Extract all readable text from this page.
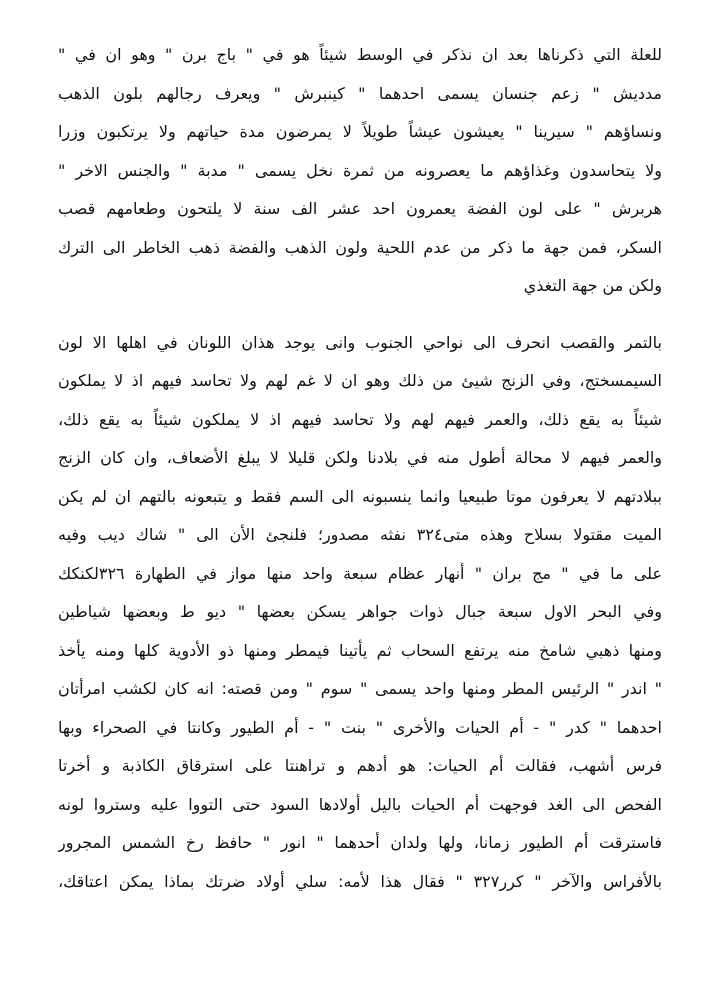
للعلة التي ذكرناها بعد ان نذكر في الوسط شيئاً هو في " باج برن " وهو ان في "
مدديش " زعم جنسان يسمى احدهما " كينبرش " ويعرف رجالهم بلون الذهب
ونساؤهم " سيرينا " يعيشون عيشاً طويلاً لا يمرضون مدة حياتهم ولا يرتكبون وزرا
ولا يتحاسدون وغذاؤهم ما يعصرونه من ثمرة نخل يسمى " مدبة " والجنس الاخر "
هربرش " على لون الفضة يعمرون احد عشر الف سنة لا يلتحون وطعامهم قصب
السكر، فمن جهة ما ذكر من عدم اللحية ولون الذهب والفضة ذهب الخاطر الى الترك
ولكن من جهة التغذي
بالتمر والقصب انحرف الى نواحي الجنوب وانى يوجد هذان اللونان في اهلها الا لون
السيمسختج، وفي الزنج شيئ من ذلك وهو ان لا غم لهم ولا تحاسد فيهم اذ لا يملكون
شيئاً به يقع ذلك، والعمر فيهم لهم ولا تحاسد فيهم اذ لا يملكون شيئاً به يقع ذلك،
والعمر فيهم لا محالة أطول منه في بلادنا ولكن قليلا لا يبلغ الأضعاف، وان كان الزنج
ببلادتهم لا يعرفون موتا طبيعيا وانما ينسبونه الى السم فقط و يتبعونه بالتهم ان لم يكن
الميت مقتولا بسلاح وهذه متى٣٢٤ نفثه مصدور؛ فلنجئ الأن الى " شاك ديب وفيه
على ما في " مج بران " أنهار عظام سبعة واحد منها مواز في الطهارة ٣٢٦لكنكك
وفي البحر الاول سبعة جبال ذوات جواهر يسكن بعضها " ديو ط وبعضها شياطين
ومنها ذهبي شامخ منه يرتفع السحاب ثم يأتينا فيمطر ومنها ذو الأدوية كلها ومنه يأخذ
" اندر " الرئيس المطر ومنها واحد يسمى " سوم " ومن قصته: انه كان لكشب امرأتان
احدهما " كدر " - أم الحيات والأخرى " بنت " - أم الطيور وكانتا في الصحراء وبها
فرس أشهب، فقالت أم الحيات: هو أدهم و تراهنتا على استرقاق الكاذبة و أخرتا
الفحص الى الغد فوجهت أم الحيات باليل أولادها السود حتى التووا عليه وستروا لونه
فاسترقت أم الطيور زمانا، ولها ولدان أحدهما " انور " حافظ رخ الشمس المجرور
بالأفراس والآخر " كرر٣٢٧ " فقال هذا لأمه: سلي أولاد ضرتك بماذا يمكن اعتاقك،
